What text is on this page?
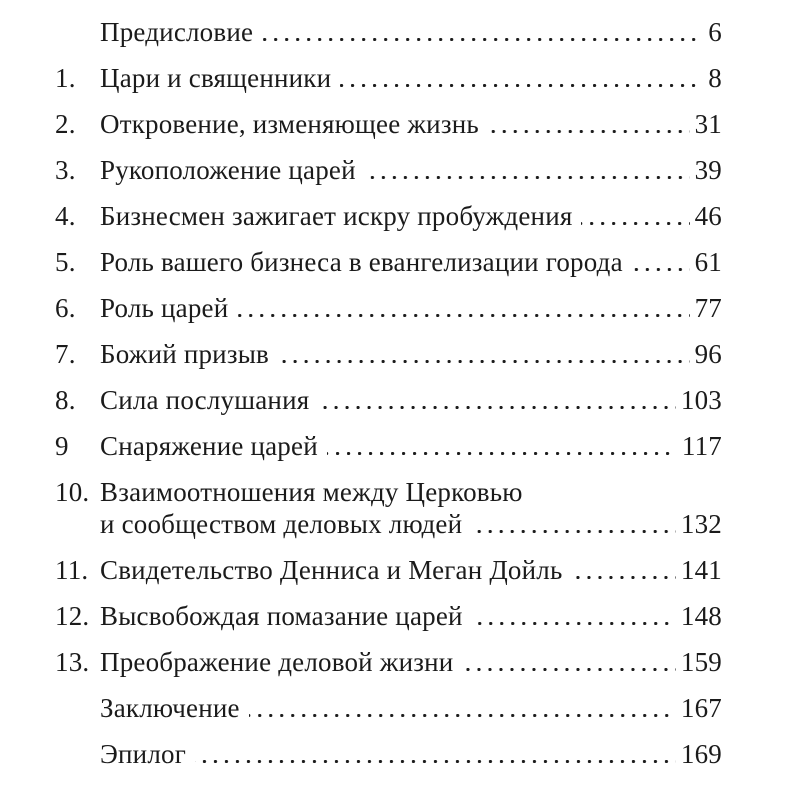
Предисловие	6
1. Цари и священники	8
2. Откровение, изменяющее жизнь	31
3. Рукоположение царей	39
4. Бизнесмен зажигает искру пробуждения	46
5. Роль вашего бизнеса в евангелизации города	61
6. Роль царей	77
7. Божий призыв	96
8. Сила послушания	103
9	Снаряжение царей	117
10. Взаимоотношения между Церковью
и сообществом деловых людей	132
11. Свидетельство Денниса и Меган Дойль	141
12. Высвобождая помазание царей	148
13. Преображение деловой жизни	159
Заключение	167
Эпилог	169
